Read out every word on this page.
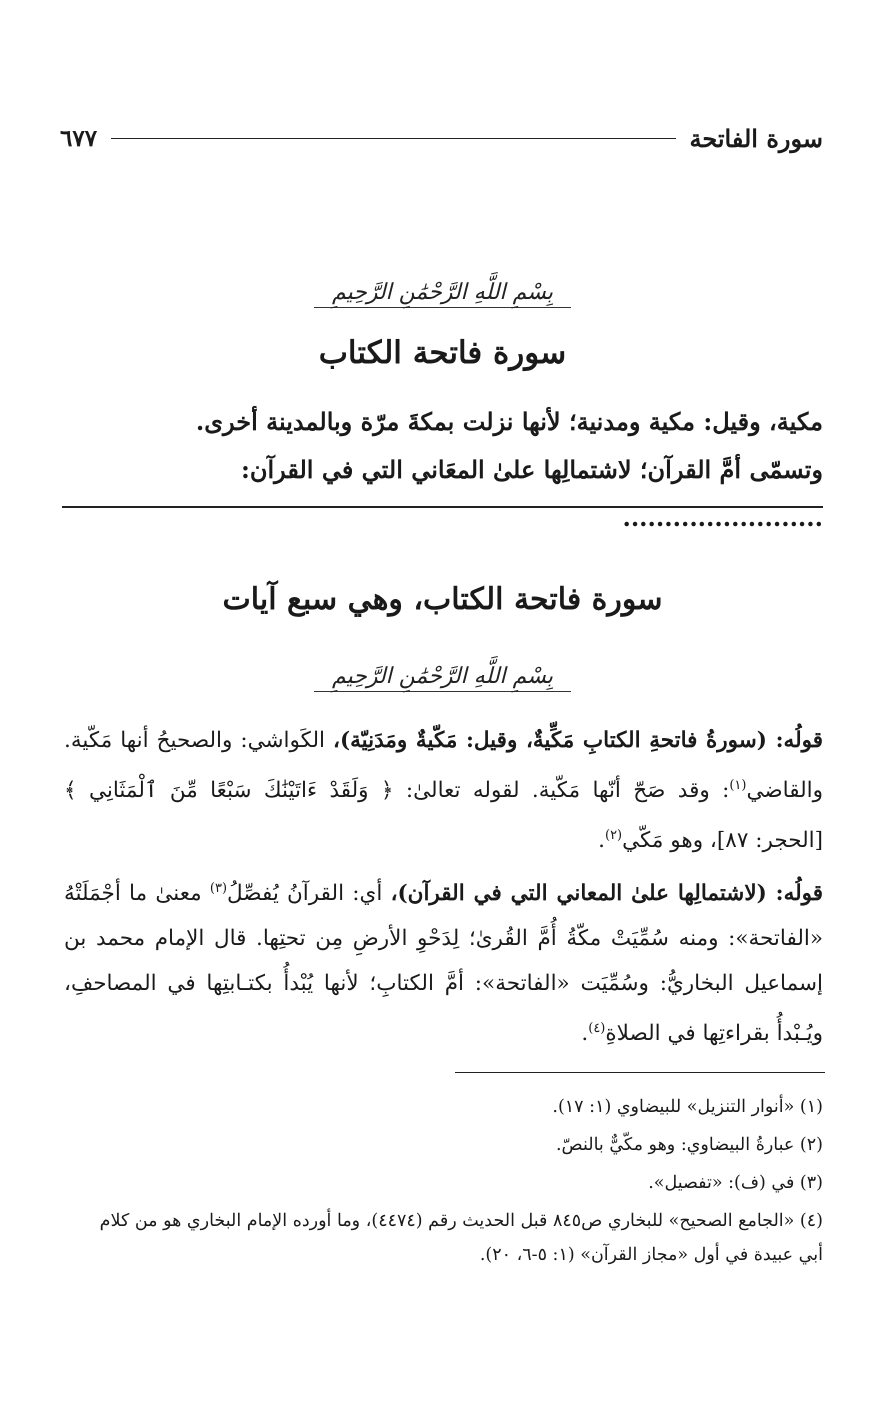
سورة الفاتحة
٦٧٧
بِسْمِ اللَّهِ الرَّحْمَٰنِ الرَّحِيمِ
سورة فاتحة الكتاب
مكية، وقيل: مكية ومدنية؛ لأنها نزلت بمكةَ مرّة وبالمدينة أخرى.
وتسمّى أمَّ القرآن؛ لاشتمالِها علىٰ المعَاني التي في القرآن: ........................
سورة فاتحة الكتاب، وهي سبع آيات
بِسْمِ اللَّهِ الرَّحْمَٰنِ الرَّحِيمِ
قولُه: (سورةُ فاتحةِ الكتابِ مَكِّيةٌ، وقيل: مَكّيةٌ ومَدَنِيّة)، الكَواشي: والصحيحُ أنها مَكّية. والقاضي$^{(١)}$: وقد صَحّ أنّها مَكّية. لقوله تعالىٰ: ﴿ وَلَقَدْ ءَاتَيْنَٰكَ سَبْعًا مِّنَ ٱلْمَثَانِي ﴾ [الحجر: ٨٧]، وهو مَكّي$^{(٢)}$.
قولُه: (لاشتمالِها علىٰ المعاني التي في القرآن)، أي: القرآنُ يُفصِّلُ$^{(٣)}$ معنىٰ ما أجْمَلَتْهُ «الفاتحة»: ومنه سُمِّيَتْ مكّةُ أُمَّ القُرىٰ؛ لِدَحْوِ الأرضِ مِن تحتِها. قال الإمام محمد بن إسماعيل البخاريُّ: وسُمِّيَت «الفاتحة»: أمَّ الكتابِ؛ لأنها يُبْدأُ بكتـابتِها في المصاحفِ، ويُـبْدأُ بقراءتِها في الصلاةِ$^{(٤)}$.
(١) «أنوار التنزيل» للبيضاوي (١: ١٧).
(٢) عبارةُ البيضاوي: وهو مكّيٌّ بالنصّ.
(٣) في (ف): «تفصيل».
(٤) «الجامع الصحيح» للبخاري ص٨٤٥ قبل الحديث رقم (٤٤٧٤)، وما أورده الإمام البخاري هو من كلام أبي عبيدة في أول «مجاز القرآن» (١: ٥-٦، ٢٠).
